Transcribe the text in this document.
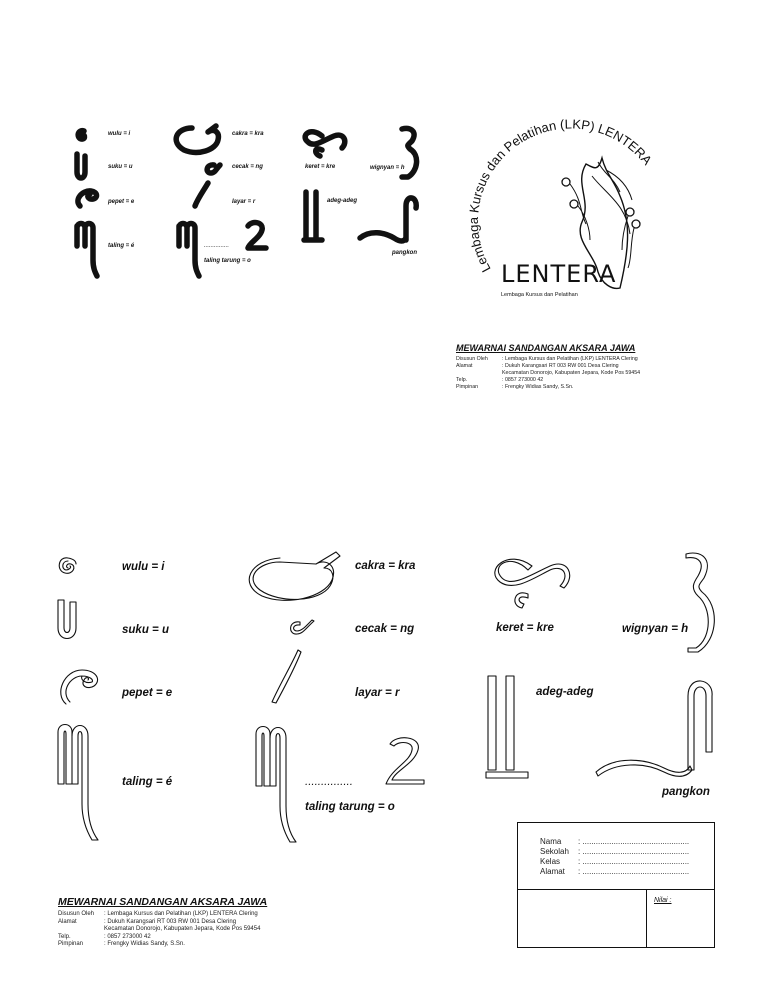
wulu = i
suku = u
pepet = e
taling = é
cakra = kra
cecak = ng
layar = r
...............
taling tarung = o
keret = kre	wignyan = h
adeg-adeg
pangkon
Lembaga Kursus dan Pelatihan (LKP) LENTERA
LENTERA
Lembaga Kursus dan Pelatihan
MEWARNAI SANDANGAN AKSARA JAWA
Disusun Oleh	: Lembaga Kursus dan Pelatihan (LKP) LENTERA Clering
Alamat	: Dukuh Karangsari RT 003 RW 001 Desa Clering
	Kecamatan Donorojo, Kabupaten Jepara, Kode Pos 59454
Telp.	: 0857 273000 42
Pimpinan	: Frengky Widias Sandy, S.Sn.
wulu = i
suku = u
pepet = e
taling = é
cakra = kra
cecak = ng
layar = r
...............
taling tarung = o
keret = kre	wignyan = h
adeg-adeg
pangkon
MEWARNAI SANDANGAN AKSARA JAWA
Disusun Oleh	: Lembaga Kursus dan Pelatihan (LKP) LENTERA Clering
Alamat	: Dukuh Karangsari RT 003 RW 001 Desa Clering
	Kecamatan Donorojo, Kabupaten Jepara, Kode Pos 59454
Telp.	: 0857 273000 42
Pimpinan	: Frengky Widias Sandy, S.Sn.
Nama : ................................................
Sekolah : ................................................
Kelas : ................................................
Alamat : ................................................
Nilai :
